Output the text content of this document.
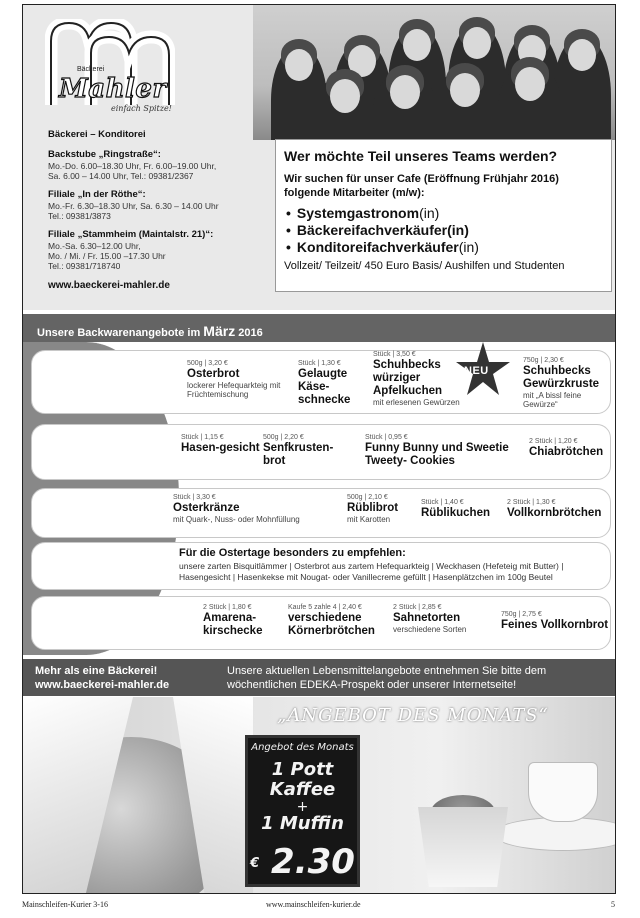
Bäckerei
Mahler
einfach Spitze!
Bäckerei – Konditorei
Backstube „Ringstraße“:
Mo.-Do. 6.00–18.30 Uhr, Fr. 6.00–19.00 Uhr,
Sa. 6.00 – 14.00 Uhr, Tel.: 09381/2367
Filiale „In der Röthe“:
Mo.-Fr. 6.30–18.30 Uhr, Sa. 6.30 – 14.00 Uhr
Tel.: 09381/3873
Filiale „Stammheim (Maintalstr. 21)“:
Mo.-Sa. 6.30–12.00 Uhr,
Mo. / Mi. / Fr. 15.00 –17.30 Uhr
Tel.: 09381/718740
www.baeckerei-mahler.de
Wer möchte Teil unseres Teams werden?
Wir suchen für unser Cafe (Eröffnung Frühjahr 2016) folgende Mitarbeiter (m/w):
• Systemgastronom(in)
• Bäckereifachverkäufer(in)
• Konditoreifachverkäufer(in)
Vollzeit/ Teilzeit/ 450 Euro Basis/ Aushilfen und Studenten
Unsere Backwarenangebote im März 2016
1. – 5. März
500g | 3,20 €
Osterbrot
lockerer Hefequarkteig mit Früchtemischung
Stück | 1,30 €
Gelaugte Käse-schnecke
Stück | 3,50 €
Schuhbecks würziger Apfelkuchen
mit erlesenen Gewürzen
NEU
750g | 2,30 €
Schuhbecks Gewürzkruste
mit „A bissl feine Gewürze“
8. – 12. März
Stück | 1,15 €
Hasen-gesicht
500g | 2,20 €
Senfkrusten-brot
Stück | 0,95 €
Funny Bunny und Sweetie Tweety- Cookies
2 Stück | 1,20 €
Chiabrötchen
15. – 19. März
Stück | 3,30 €
Osterkränze
mit Quark-, Nuss- oder Mohnfüllung
500g | 2,10 €
Rüblibrot
mit Karotten
Stück | 1,40 €
Rüblikuchen
2 Stück | 1,30 €
Vollkornbrötchen
22. – 26. März
Für die Ostertage besonders zu empfehlen:
unsere zarten Bisquitlämmer | Osterbrot aus zartem Hefequarkteig | Weckhasen (Hefeteig mit Butter) | Hasengesicht | Hasenkekse mit Nougat- oder Vanillecreme gefüllt | Hasenplätzchen im 100g Beutel
29. März – 2. April
2 Stück | 1,80 €
Amarena-kirschecke
Kaufe 5 zahle 4 | 2,40 €
verschiedene Körnerbrötchen
2 Stück | 2,85 €
Sahnetorten
verschiedene Sorten
750g | 2,75 €
Feines Vollkornbrot
Mehr als eine Bäckerei!
www.baeckerei-mahler.de
Unsere aktuellen Lebensmittelangebote entnehmen Sie bitte dem
wöchentlichen EDEKA-Prospekt oder unserer Internetseite!
„ANGEBOT DES MONATS“
Angebot des Monats
1 Pott Kaffee
+
1 Muffin
€ 2.30
Mainschleifen-Kurier 3-16	www.mainschleifen-kurier.de	5
